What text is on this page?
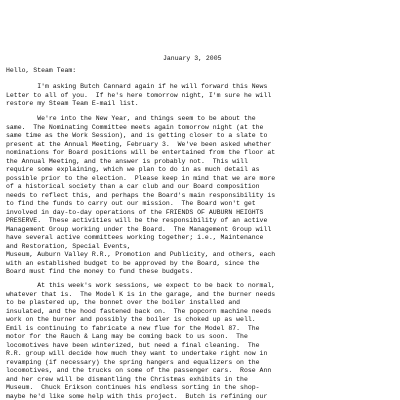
January 3, 2005
Hello, Steam Team:
I'm asking Butch Cannard again if he will forward this News
Letter to all of you.  If he's here tomorrow night, I'm sure he will
restore my Steam Team E-mail list.
We're into the New Year, and things seem to be about the
same.  The Nominating Committee meets again tomorrow night (at the
same time as the Work Session), and is getting closer to a slate to
present at the Annual Meeting, February 3.  We've been asked whether
nominations for Board positions will be entertained from the floor at
the Annual Meeting, and the answer is probably not.  This will
require some explaining, which we plan to do in as much detail as
possible prior to the election.  Please keep in mind that we are more
of a historical society than a car club and our Board composition
needs to reflect this, and perhaps the Board's main responsibility is
to find the funds to carry out our mission.  The Board won't get
involved in day-to-day operations of the FRIENDS OF AUBURN HEIGHTS
PRESERVE.  These activities will be the responsibility of an active
Management Group working under the Board.  The Management Group will
have several active committees working together; i.e., Maintenance
and Restoration, Special Events,
Museum, Auburn Valley R.R., Promotion and Publicity, and others, each
with an established budget to be approved by the Board, since the
Board must find the money to fund these budgets.
At this week's work sessions, we expect to be back to normal,
whatever that is.  The Model K is in the garage, and the burner needs
to be plastered up, the bonnet over the boiler installed and
insulated, and the hood fastened back on.  The popcorn machine needs
work on the burner and possibly the boiler is choked up as well.
Emil is continuing to fabricate a new flue for the Model 87.  The
motor for the Rauch & Lang may be coming back to us soon.  The
locomotives have been winterized, but need a final cleaning.  The
R.R. group will decide how much they want to undertake right now in
revamping (if necessary) the spring hangers and equalizers on the
locomotives, and the trucks on some of the passenger cars.  Rose Ann
and her crew will be dismantling the Christmas exhibits in the
Museum.  Chuck Erikson continues his endless sorting in the shop-
maybe he'd like some help with this project.  Butch is refining our
